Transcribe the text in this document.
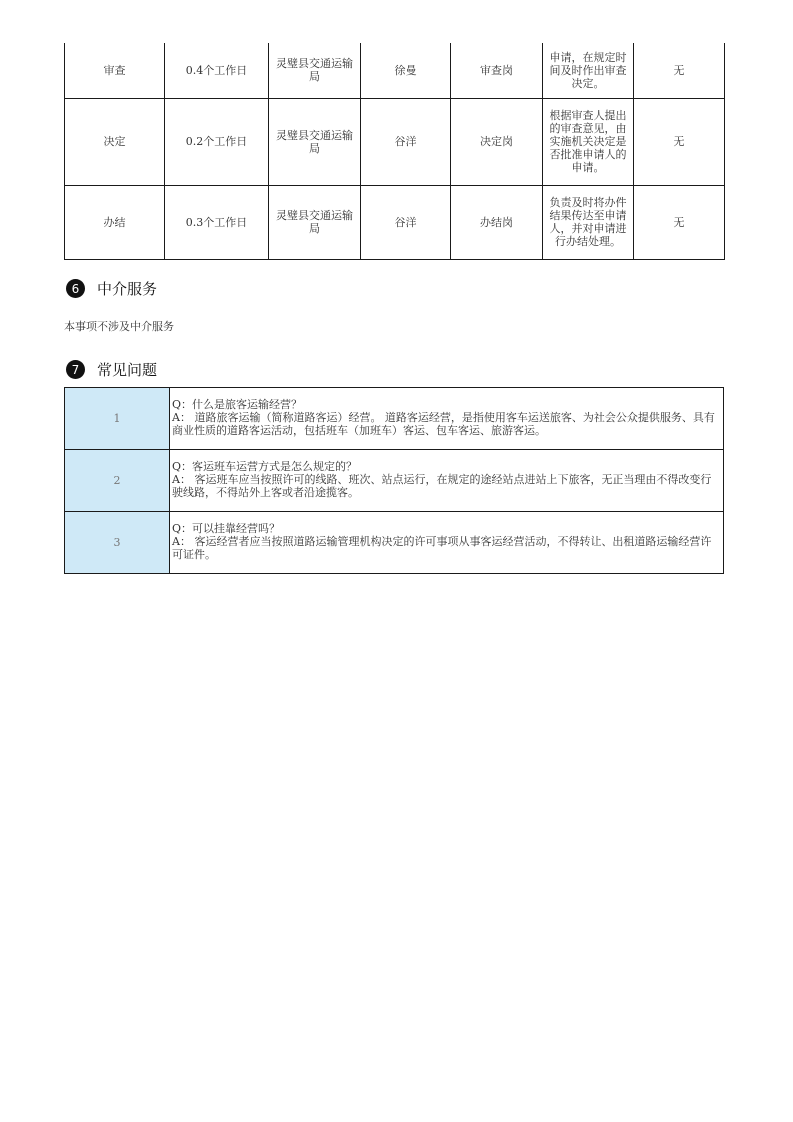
审查	0.4个工作日	灵璧县交通运输局	徐曼	审查岗	申请，在规定时间及时作出审查决定。	无
决定	0.2个工作日	灵璧县交通运输局	谷洋	决定岗	根据审查人提出的审查意见，由实施机关决定是否批准申请人的申请。	无
办结	0.3个工作日	灵璧县交通运输局	谷洋	办结岗	负责及时将办件结果传达至申请人，并对申请进行办结处理。	无
6	中介服务
本事项不涉及中介服务
7	常见问题
1	Q：什么是旅客运输经营？
A： 道路旅客运输（简称道路客运）经营。 道路客运经营，是指使用客车运送旅客、为社会公众提供服务、具有商业性质的道路客运活动，包括班车（加班车）客运、包车客运、旅游客运。

2	Q：客运班车运营方式是怎么规定的？
A： 客运班车应当按照许可的线路、班次、站点运行，在规定的途经站点进站上下旅客，无正当理由不得改变行驶线路，不得站外上客或者沿途揽客。

3	Q：可以挂靠经营吗？
A： 客运经营者应当按照道路运输管理机构决定的许可事项从事客运经营活动，不得转让、出租道路运输经营许可证件。
